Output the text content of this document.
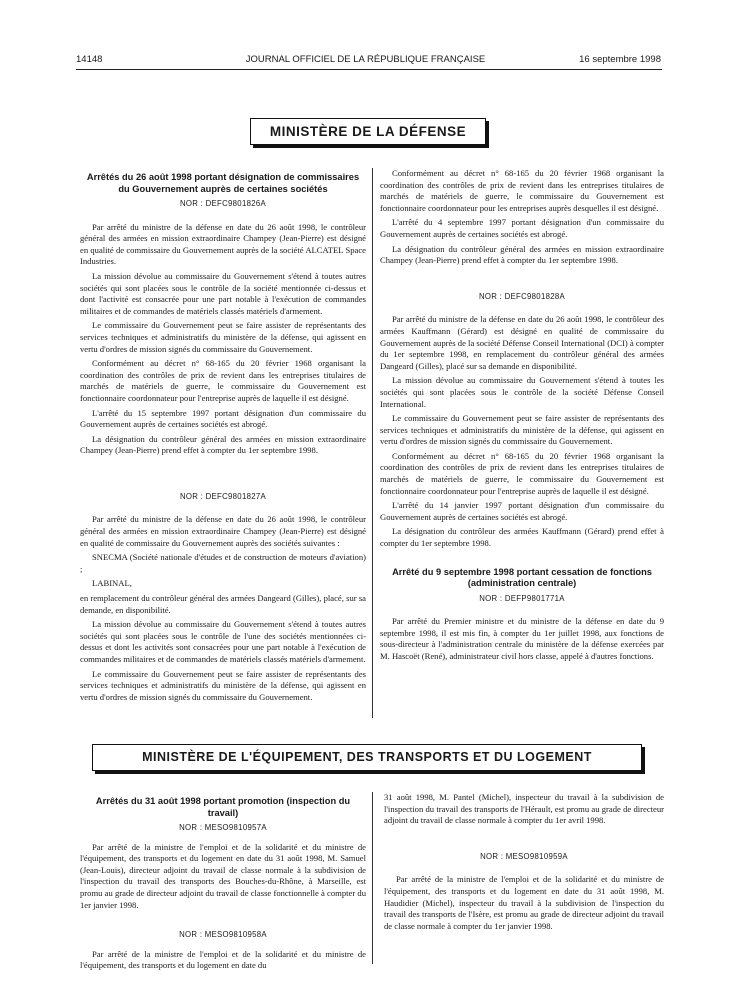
14148	JOURNAL OFFICIEL DE LA RÉPUBLIQUE FRANÇAISE	16 septembre 1998
MINISTÈRE DE LA DÉFENSE
Arrêtés du 26 août 1998 portant désignation de commissaires du Gouvernement auprès de certaines sociétés
NOR : DEFC9801826A

Par arrêté du ministre de la défense en date du 26 août 1998, le contrôleur général des armées en mission extraordinaire Champey (Jean-Pierre) est désigné en qualité de commissaire du Gouvernement auprès de la société ALCATEL Space Industries.

La mission dévolue au commissaire du Gouvernement s'étend à toutes autres sociétés qui sont placées sous le contrôle de la société mentionnée ci-dessus et dont l'activité est consacrée pour une part notable à l'exécution de commandes militaires et de commandes de matériels classés matériels d'armement.

Le commissaire du Gouvernement peut se faire assister de représentants des services techniques et administratifs du ministère de la défense, qui agissent en vertu d'ordres de mission signés du commissaire du Gouvernement.

Conformément au décret n° 68-165 du 20 février 1968 organisant la coordination des contrôles de prix de revient dans les entreprises titulaires de marchés de matériels de guerre, le commissaire du Gouvernement est fonctionnaire coordonnateur pour l'entreprise auprès de laquelle il est désigné.

L'arrêté du 15 septembre 1997 portant désignation d'un commissaire du Gouvernement auprès de certaines sociétés est abrogé.

La désignation du contrôleur général des armées en mission extraordinaire Champey (Jean-Pierre) prend effet à compter du 1er septembre 1998.

NOR : DEFC9801827A

Par arrêté du ministre de la défense en date du 26 août 1998, le contrôleur général des armées en mission extraordinaire Champey (Jean-Pierre) est désigné en qualité de commissaire du Gouvernement auprès des sociétés suivantes :

SNECMA (Société nationale d'études et de construction de moteurs d'aviation) ;

LABINAL,

en remplacement du contrôleur général des armées Dangeard (Gilles), placé, sur sa demande, en disponibilité.

La mission dévolue au commissaire du Gouvernement s'étend à toutes autres sociétés qui sont placées sous le contrôle de l'une des sociétés mentionnées ci-dessus et dont les activités sont consacrées pour une part notable à l'exécution de commandes militaires et de commandes de matériels classés matériels d'armement.

Le commissaire du Gouvernement peut se faire assister de représentants des services techniques et administratifs du ministère de la défense, qui agissent en vertu d'ordres de mission signés du commissaire du Gouvernement.

Conformément au décret n° 68-165 du 20 février 1968 organisant la coordination des contrôles de prix de revient dans les entreprises titulaires de marchés de matériels de guerre, le commissaire du Gouvernement est fonctionnaire coordonnateur pour les entreprises auprès desquelles il est désigné.

L'arrêté du 4 septembre 1997 portant désignation d'un commissaire du Gouvernement auprès de certaines sociétés est abrogé.

La désignation du contrôleur général des armées en mission extraordinaire Champey (Jean-Pierre) prend effet à compter du 1er septembre 1998.

NOR : DEFC9801828A

Par arrêté du ministre de la défense en date du 26 août 1998, le contrôleur des armées Kauffmann (Gérard) est désigné en qualité de commissaire du Gouvernement auprès de la société Défense Conseil International (DCI) à compter du 1er septembre 1998, en remplacement du contrôleur général des armées Dangeard (Gilles), placé sur sa demande en disponibilité.

La mission dévolue au commissaire du Gouvernement s'étend à toutes les sociétés qui sont placées sous le contrôle de la société Défense Conseil International.

Le commissaire du Gouvernement peut se faire assister de représentants des services techniques et administratifs du ministère de la défense, qui agissent en vertu d'ordres de mission signés du commissaire du Gouvernement.

Conformément au décret n° 68-165 du 20 février 1968 organisant la coordination des contrôles de prix de revient dans les entreprises titulaires de marchés de matériels de guerre, le commissaire du Gouvernement est fonctionnaire coordonnateur pour l'entreprise auprès de laquelle il est désigné.

L'arrêté du 14 janvier 1997 portant désignation d'un commissaire du Gouvernement auprès de certaines sociétés est abrogé.

La désignation du contrôleur des armées Kauffmann (Gérard) prend effet à compter du 1er septembre 1998.

Arrêté du 9 septembre 1998 portant cessation de fonctions (administration centrale)
NOR : DEFP9801771A

Par arrêté du Premier ministre et du ministre de la défense en date du 9 septembre 1998, il est mis fin, à compter du 1er juillet 1998, aux fonctions de sous-directeur à l'administration centrale du ministère de la défense exercées par M. Hascoët (René), administrateur civil hors classe, appelé à d'autres fonctions.

MINISTÈRE DE L'ÉQUIPEMENT, DES TRANSPORTS ET DU LOGEMENT
Arrêtés du 31 août 1998 portant promotion (inspection du travail)
NOR : MESO9810957A

Par arrêté de la ministre de l'emploi et de la solidarité et du ministre de l'équipement, des transports et du logement en date du 31 août 1998, M. Samuel (Jean-Louis), directeur adjoint du travail de classe normale à la subdivision de l'inspection du travail des transports des Bouches-du-Rhône, à Marseille, est promu au grade de directeur adjoint du travail de classe fonctionnelle à compter du 1er janvier 1998.

NOR : MESO9810958A

Par arrêté de la ministre de l'emploi et de la solidarité et du ministre de l'équipement, des transports et du logement en date du

31 août 1998, M. Pantel (Michel), inspecteur du travail à la subdivision de l'inspection du travail des transports de l'Hérault, est promu au grade de directeur adjoint du travail de classe normale à compter du 1er avril 1998.

NOR : MESO9810959A

Par arrêté de la ministre de l'emploi et de la solidarité et du ministre de l'équipement, des transports et du logement en date du 31 août 1998, M. Haudidier (Michel), inspecteur du travail à la subdivision de l'inspection du travail des transports de l'Isère, est promu au grade de directeur adjoint du travail de classe normale à compter du 1er janvier 1998.
